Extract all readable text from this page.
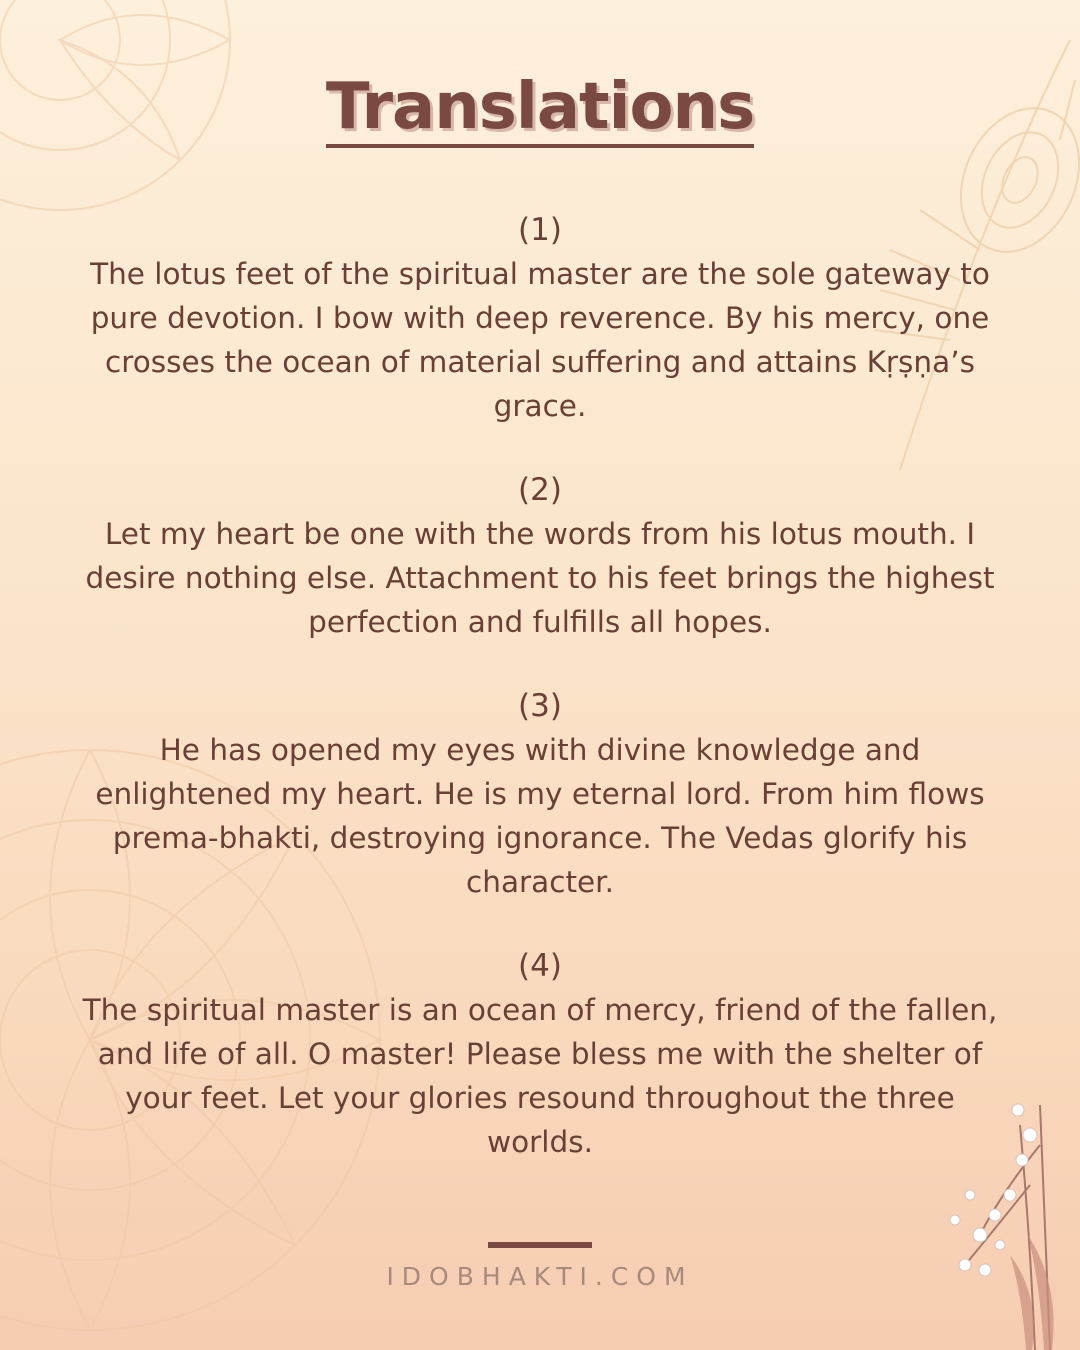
Translations
(1)
The lotus feet of the spiritual master are the sole gateway to pure devotion. I bow with deep reverence. By his mercy, one crosses the ocean of material suffering and attains Kṛṣṇa’s grace.
(2)
Let my heart be one with the words from his lotus mouth. I desire nothing else. Attachment to his feet brings the highest perfection and fulfills all hopes.
(3)
He has opened my eyes with divine knowledge and enlightened my heart. He is my eternal lord. From him flows prema-bhakti, destroying ignorance. The Vedas glorify his character.
(4)
The spiritual master is an ocean of mercy, friend of the fallen, and life of all. O master! Please bless me with the shelter of your feet. Let your glories resound throughout the three worlds.
IDOBHAKTI.COM
